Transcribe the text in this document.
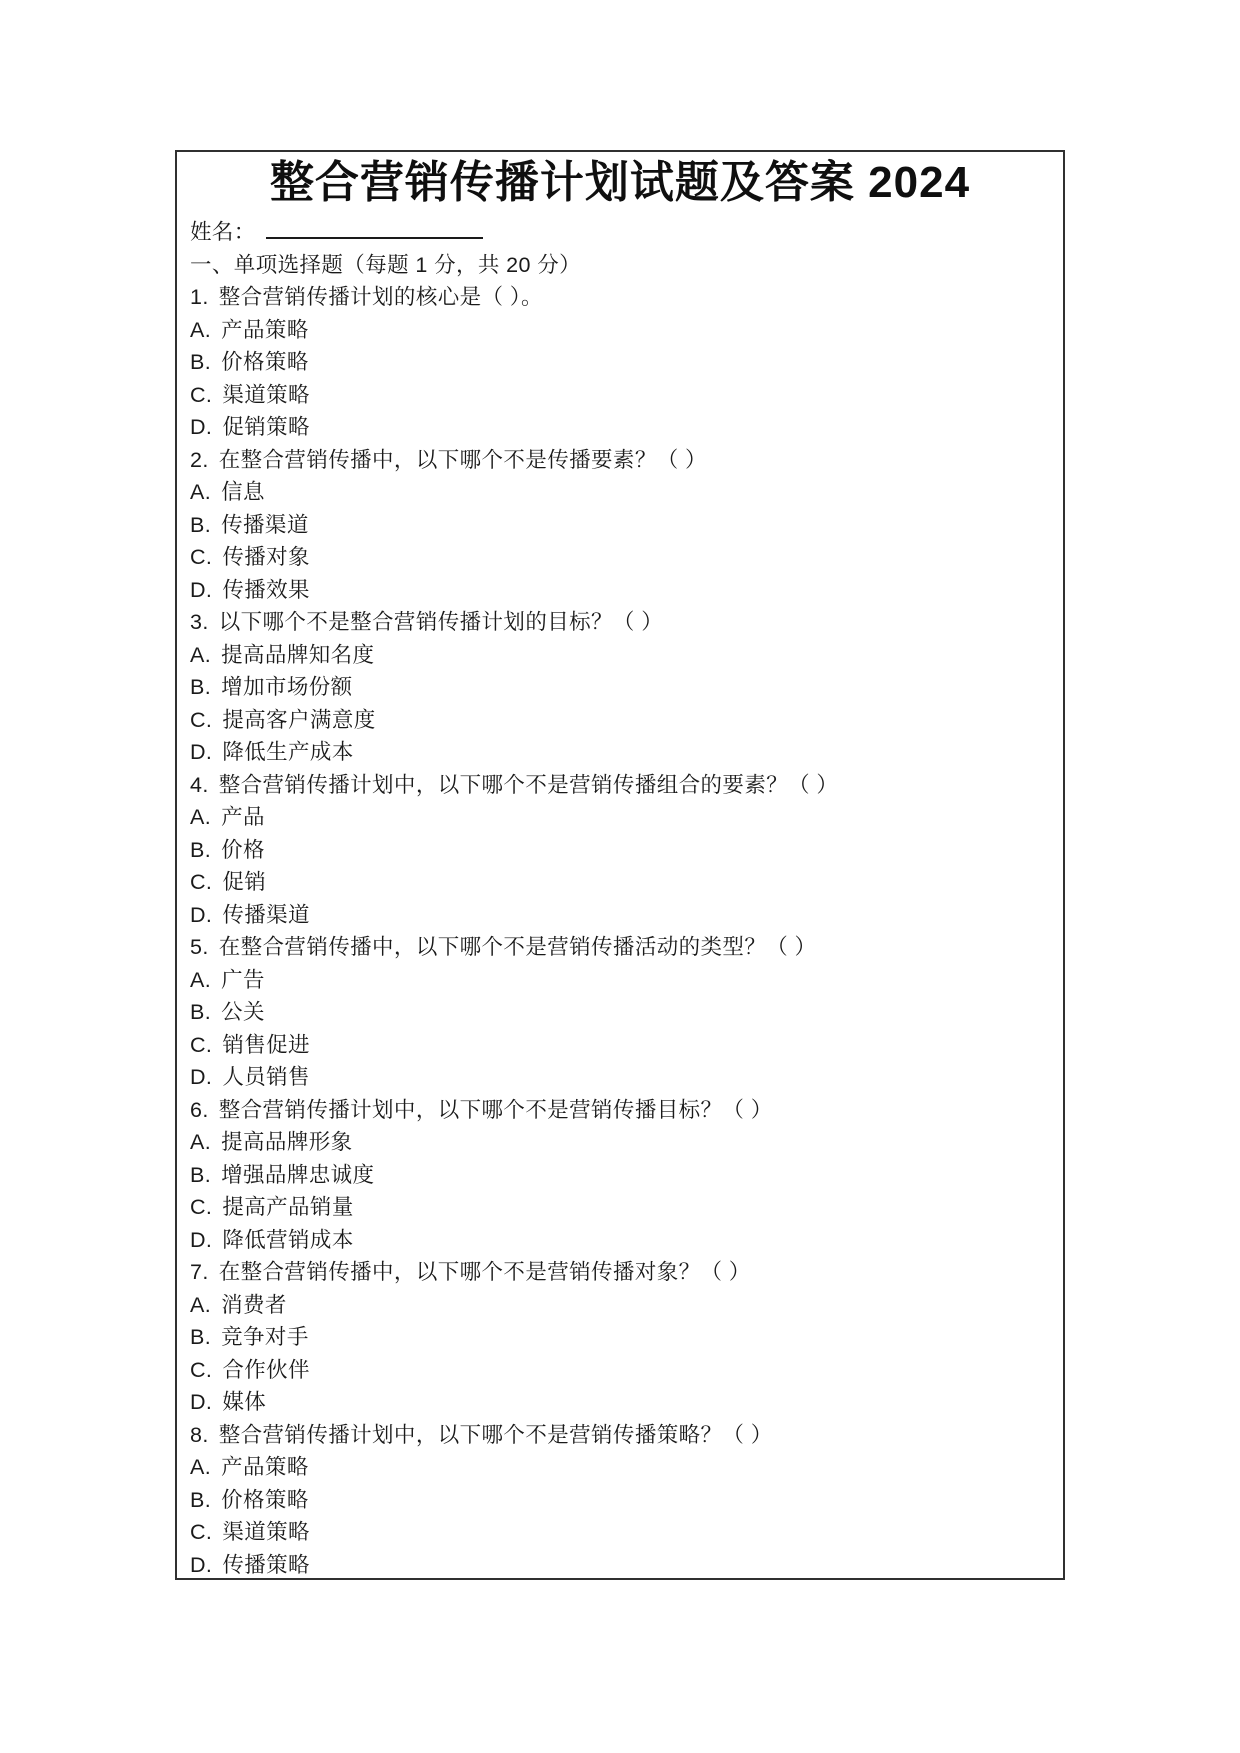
整合营销传播计划试题及答案 2024

姓名：

一、单项选择题（每题 1 分，共 20 分）

1. 整合营销传播计划的核心是（ ）。

A. 产品策略

B. 价格策略

C. 渠道策略

D. 促销策略

2. 在整合营销传播中，以下哪个不是传播要素？（ ）

A. 信息

B. 传播渠道

C. 传播对象

D. 传播效果

3. 以下哪个不是整合营销传播计划的目标？（ ）

A. 提高品牌知名度

B. 增加市场份额

C. 提高客户满意度

D. 降低生产成本

4. 整合营销传播计划中，以下哪个不是营销传播组合的要素？（ ）

A. 产品

B. 价格

C. 促销

D. 传播渠道

5. 在整合营销传播中，以下哪个不是营销传播活动的类型？（ ）

A. 广告

B. 公关

C. 销售促进

D. 人员销售

6. 整合营销传播计划中，以下哪个不是营销传播目标？（ ）

A. 提高品牌形象

B. 增强品牌忠诚度

C. 提高产品销量

D. 降低营销成本

7. 在整合营销传播中，以下哪个不是营销传播对象？（ ）

A. 消费者

B. 竞争对手

C. 合作伙伴

D. 媒体

8. 整合营销传播计划中，以下哪个不是营销传播策略？（ ）

A. 产品策略

B. 价格策略

C. 渠道策略

D. 传播策略
